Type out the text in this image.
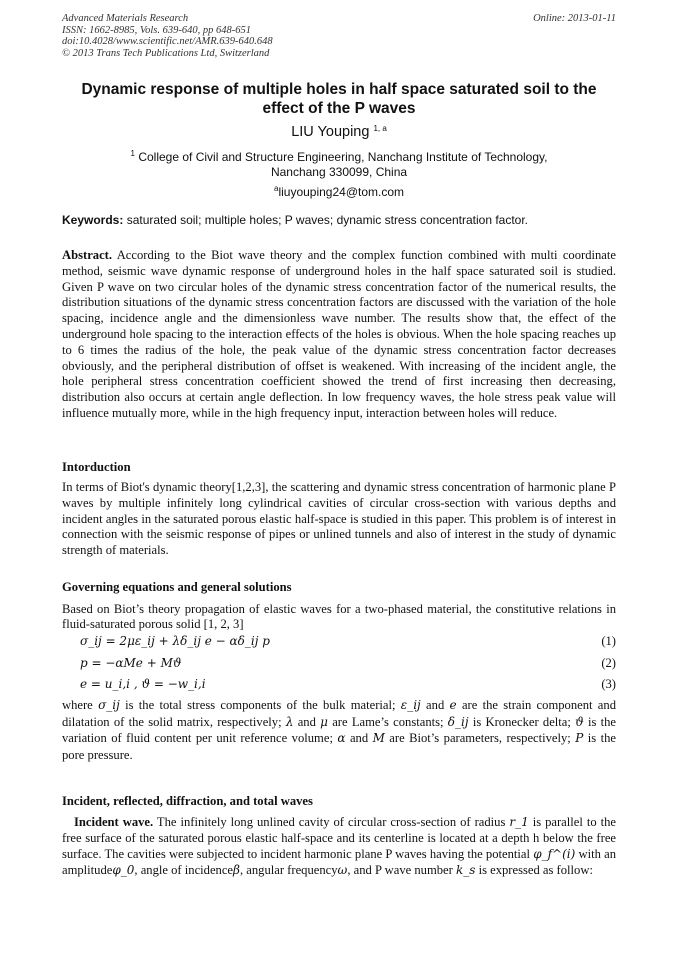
Advanced Materials Research
ISSN: 1662-8985, Vols. 639-640, pp 648-651
doi:10.4028/www.scientific.net/AMR.639-640.648
© 2013 Trans Tech Publications Ltd, Switzerland
Online: 2013-01-11
Dynamic response of multiple holes in half space saturated soil to the effect of the P waves
LIU Youping $^{1, a}$
$^1$ College of Civil and Structure Engineering, Nanchang Institute of Technology,
Nanchang 330099, China
$^a$liuyouping24@tom.com
Keywords: saturated soil; multiple holes; P waves; dynamic stress concentration factor.
Abstract. According to the Biot wave theory and the complex function combined with multi coordinate method, seismic wave dynamic response of underground holes in the half space saturated soil is studied. Given P wave on two circular holes of the dynamic stress concentration factor of the numerical results, the distribution situations of the dynamic stress concentration factors are discussed with the variation of the hole spacing, incidence angle and the dimensionless wave number. The results show that, the effect of the underground hole spacing to the interaction effects of the holes is obvious. When the hole spacing reaches up to 6 times the radius of the hole, the peak value of the dynamic stress concentration factor decreases obviously, and the peripheral distribution of offset is weakened. With increasing of the incident angle, the hole peripheral stress concentration coefficient showed the trend of first increasing then decreasing, distribution also occurs at certain angle deflection. In low frequency waves, the hole stress peak value will influence mutually more, while in the high frequency input, interaction between holes will reduce.
Intorduction
In terms of Biot's dynamic theory[1,2,3], the scattering and dynamic stress concentration of harmonic plane P waves by multiple infinitely long cylindrical cavities of circular cross-section with various depths and incident angles in the saturated porous elastic half-space is studied in this paper. This problem is of interest in connection with the seismic response of pipes or unlined tunnels and also of interest in the study of dynamic strength of materials.
Governing equations and general solutions
Based on Biot’s theory propagation of elastic waves for a two-phased material, the constitutive relations in fluid-saturated porous solid [1, 2, 3]
σ_ij = 2με_ij + λδ_ij e − αδ_ij p	(1)
p = −αMe + Mϑ	(2)
e = u_i,i , ϑ = −w_i,i	(3)
where σ_ij is the total stress components of the bulk material; ε_ij and e are the strain component and dilatation of the solid matrix, respectively; λ and μ are Lame’s constants; δ_ij is Kronecker delta; ϑ is the variation of fluid content per unit reference volume; α and M are Biot’s parameters, respectively; P is the pore pressure.
Incident, reflected, diffraction, and total waves
Incident wave. The infinitely long unlined cavity of circular cross-section of radius r_1 is parallel to the free surface of the saturated porous elastic half-space and its centerline is located at a depth h below the free surface. The cavities were subjected to incident harmonic plane P waves having the potential φ_f^(i) with an amplitudeφ_0, angle of incidenceβ, angular frequencyω, and P wave number k_s is expressed as follow:
